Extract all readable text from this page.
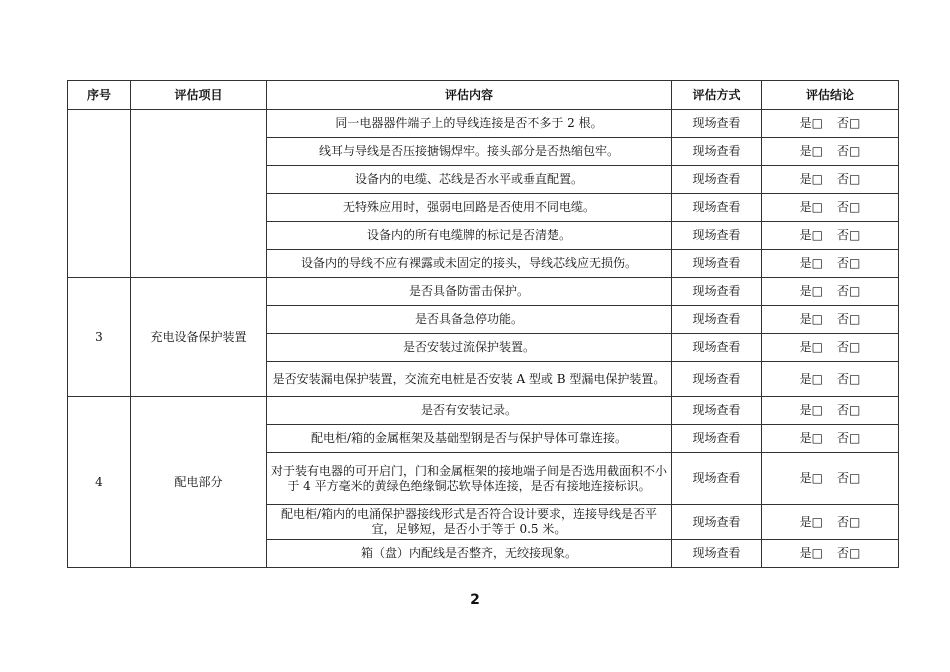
序号	评估项目	评估内容	评估方式	评估结论
		同一电器器件端子上的导线连接是否不多于 2 根。	现场查看	是□ 否□
		线耳与导线是否压接搪锡焊牢。接头部分是否热缩包牢。	现场查看	是□ 否□
		设备内的电缆、芯线是否水平或垂直配置。	现场查看	是□ 否□
		无特殊应用时，强弱电回路是否使用不同电缆。	现场查看	是□ 否□
		设备内的所有电缆牌的标记是否清楚。	现场查看	是□ 否□
		设备内的导线不应有裸露或未固定的接头，导线芯线应无损伤。	现场查看	是□ 否□
3	充电设备保护装置	是否具备防雷击保护。	现场查看	是□ 否□
		是否具备急停功能。	现场查看	是□ 否□
		是否安装过流保护装置。	现场查看	是□ 否□
		是否安装漏电保护装置，交流充电桩是否安装 A 型或 B 型漏电保护装置。	现场查看	是□ 否□
4	配电部分	是否有安装记录。	现场查看	是□ 否□
		配电柜/箱的金属框架及基础型钢是否与保护导体可靠连接。	现场查看	是□ 否□
		对于装有电器的可开启门，门和金属框架的接地端子间是否选用截面积不小于 4 平方毫米的黄绿色绝缘铜芯软导体连接，是否有接地连接标识。	现场查看	是□ 否□
		配电柜/箱内的电涌保护器接线形式是否符合设计要求，连接导线是否平宜，足够短，是否小于等于 0.5 米。	现场查看	是□ 否□
		箱（盘）内配线是否整齐，无绞接现象。	现场查看	是□ 否□
2
